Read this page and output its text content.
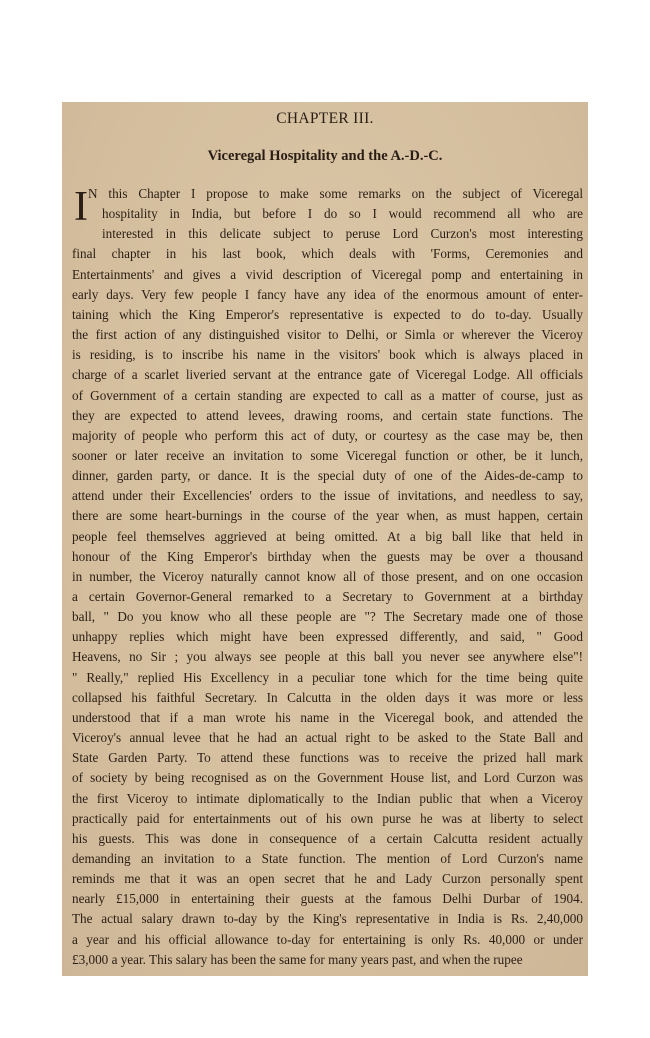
CHAPTER III.
Viceregal Hospitality and the A.-D.-C.
I N this Chapter I propose to make some remarks on the subject of Viceregal
hospitality in India, but before I do so I would recommend all who are
interested in this delicate subject to peruse Lord Curzon's most interesting
final chapter in his last book, which deals with 'Forms, Ceremonies and
Entertainments' and gives a vivid description of Viceregal pomp and entertaining in
early days. Very few people I fancy have any idea of the enormous amount of enter-
taining which the King Emperor's representative is expected to do to-day. Usually
the first action of any distinguished visitor to Delhi, or Simla or wherever the Viceroy
is residing, is to inscribe his name in the visitors' book which is always placed in
charge of a scarlet liveried servant at the entrance gate of Viceregal Lodge. All officials
of Government of a certain standing are expected to call as a matter of course, just as
they are expected to attend levees, drawing rooms, and certain state functions. The
majority of people who perform this act of duty, or courtesy as the case may be, then
sooner or later receive an invitation to some Viceregal function or other, be it lunch,
dinner, garden party, or dance. It is the special duty of one of the Aides-de-camp to
attend under their Excellencies' orders to the issue of invitations, and needless to say,
there are some heart-burnings in the course of the year when, as must happen, certain
people feel themselves aggrieved at being omitted. At a big ball like that held in
honour of the King Emperor's birthday when the guests may be over a thousand
in number, the Viceroy naturally cannot know all of those present, and on one occasion
a certain Governor-General remarked to a Secretary to Government at a birthday
ball, " Do you know who all these people are "? The Secretary made one of those
unhappy replies which might have been expressed differently, and said, " Good
Heavens, no Sir ; you always see people at this ball you never see anywhere else"!
" Really," replied His Excellency in a peculiar tone which for the time being quite
collapsed his faithful Secretary. In Calcutta in the olden days it was more or less
understood that if a man wrote his name in the Viceregal book, and attended the
Viceroy's annual levee that he had an actual right to be asked to the State Ball and
State Garden Party. To attend these functions was to receive the prized hall mark
of society by being recognised as on the Government House list, and Lord Curzon was
the first Viceroy to intimate diplomatically to the Indian public that when a Viceroy
practically paid for entertainments out of his own purse he was at liberty to select
his guests. This was done in consequence of a certain Calcutta resident actually
demanding an invitation to a State function. The mention of Lord Curzon's name
reminds me that it was an open secret that he and Lady Curzon personally spent
nearly £15,000 in entertaining their guests at the famous Delhi Durbar of 1904.
The actual salary drawn to-day by the King's representative in India is Rs. 2,40,000
a year and his official allowance to-day for entertaining is only Rs. 40,000 or under
£3,000 a year. This salary has been the same for many years past, and when the rupee
